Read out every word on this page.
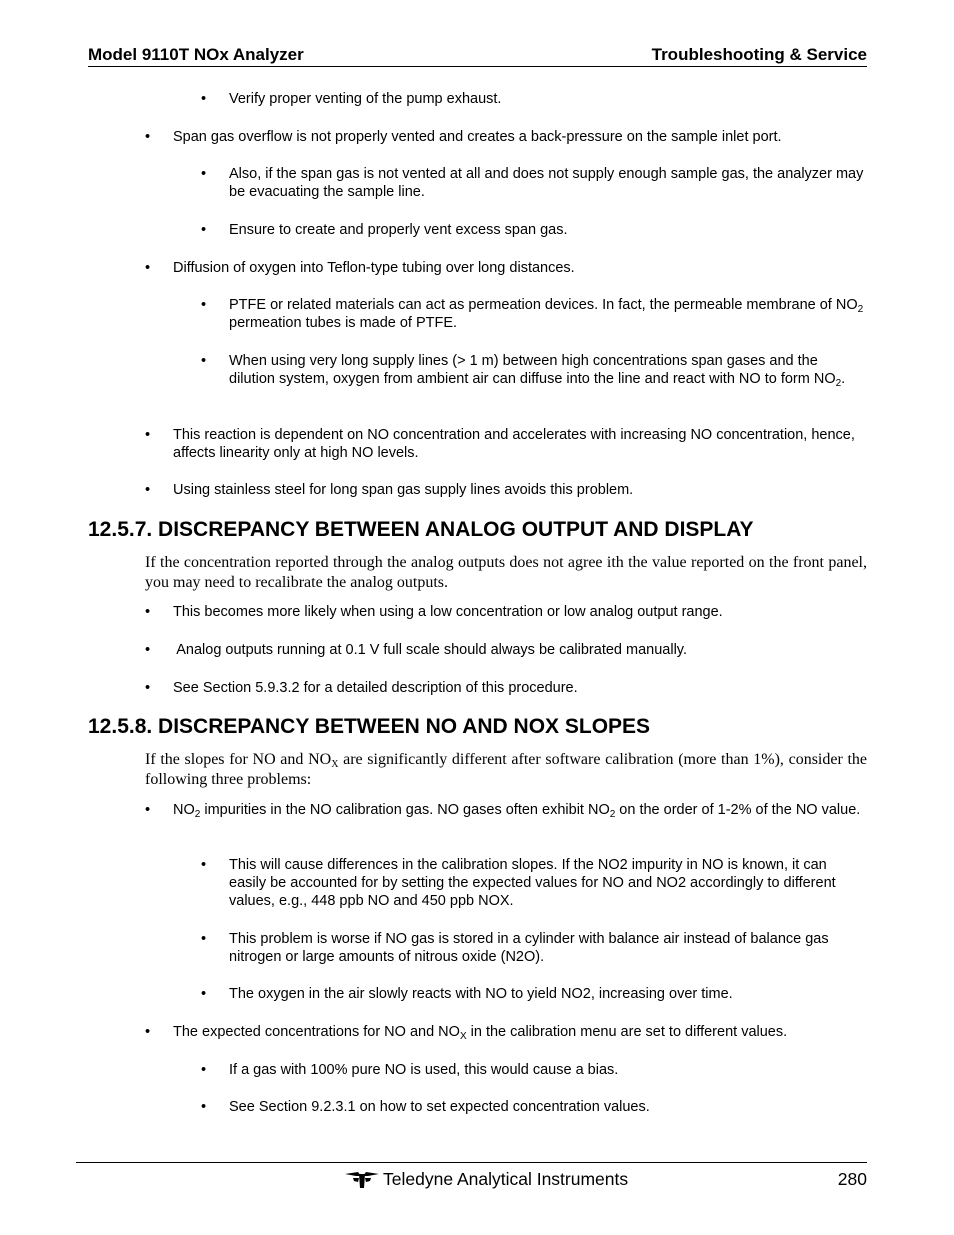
Model 9110T NOx Analyzer	Troubleshooting & Service
• Verify proper venting of the pump exhaust.
• Span gas overflow is not properly vented and creates a back-pressure on the sample inlet port.
• Also, if the span gas is not vented at all and does not supply enough sample gas, the analyzer may be evacuating the sample line.
• Ensure to create and properly vent excess span gas.
• Diffusion of oxygen into Teflon-type tubing over long distances.
• PTFE or related materials can act as permeation devices. In fact, the permeable membrane of $NO_2$ permeation tubes is made of PTFE.
• When using very long supply lines (> 1 m) between high concentrations span gases and the dilution system, oxygen from ambient air can diffuse into the line and react with NO to form $NO_2$.
• This reaction is dependent on NO concentration and accelerates with increasing NO concentration, hence, affects linearity only at high NO levels.
• Using stainless steel for long span gas supply lines avoids this problem.
12.5.7. DISCREPANCY BETWEEN ANALOG OUTPUT AND DISPLAY

If the concentration reported through the analog outputs does not agree ith the value reported on the front panel, you may need to recalibrate the analog outputs.

• This becomes more likely when using a low concentration or low analog output range.
• Analog outputs running at 0.1 V full scale should always be calibrated manually.
• See Section 5.9.3.2 for a detailed description of this procedure.
12.5.8. DISCREPANCY BETWEEN NO AND NOX SLOPES

If the slopes for NO and $NO_X$ are significantly different after software calibration (more than 1%), consider the following three problems:

• $NO_2$ impurities in the NO calibration gas. NO gases often exhibit $NO_2$ on the order of 1-2% of the NO value.
• This will cause differences in the calibration slopes. If the NO2 impurity in NO is known, it can easily be accounted for by setting the expected values for NO and NO2 accordingly to different values, e.g., 448 ppb NO and 450 ppb NOX.
• This problem is worse if NO gas is stored in a cylinder with balance air instead of balance gas nitrogen or large amounts of nitrous oxide (N2O).
• The oxygen in the air slowly reacts with NO to yield NO2, increasing over time.
• The expected concentrations for NO and $NO_X$ in the calibration menu are set to different values.
• If a gas with 100% pure NO is used, this would cause a bias.
• See Section 9.2.3.1 on how to set expected concentration values.
Teledyne Analytical Instruments	280
